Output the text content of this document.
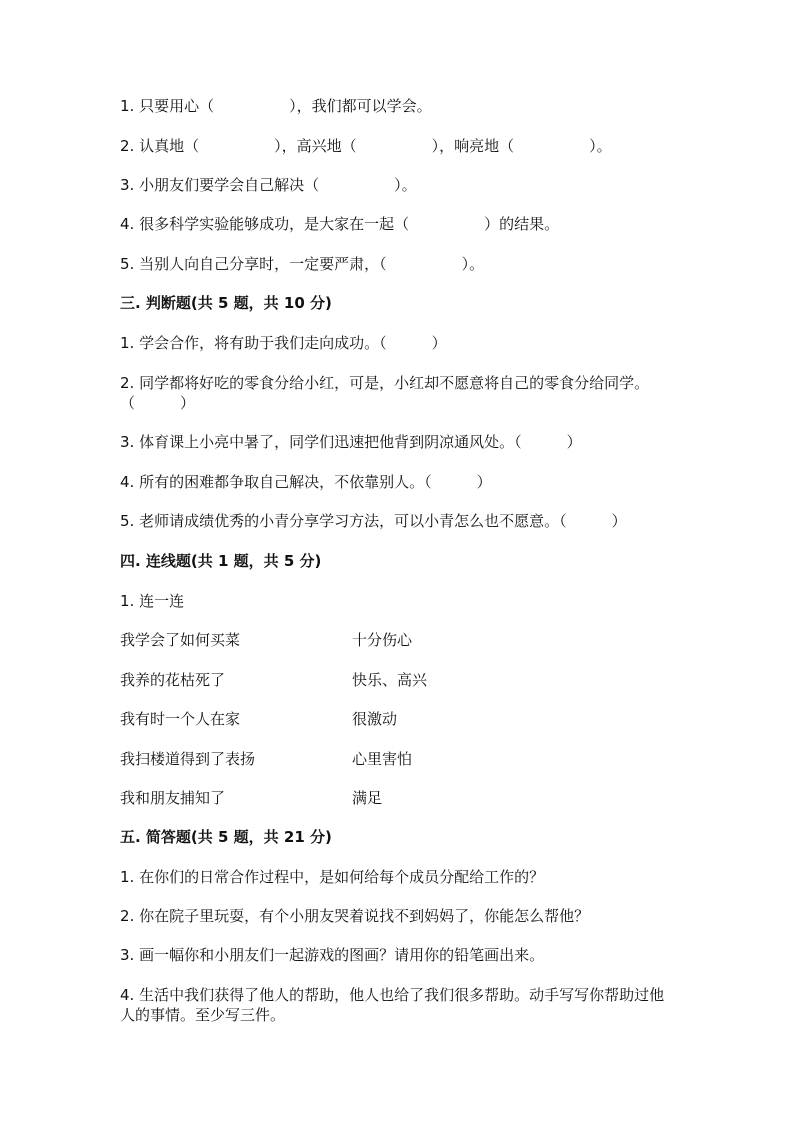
1. 只要用心（　　　　　），我们都可以学会。
2. 认真地（　　　　　），高兴地（　　　　　），响亮地（　　　　　）。
3. 小朋友们要学会自己解决（　　　　　）。
4. 很多科学实验能够成功，是大家在一起（　　　　　）的结果。
5. 当别人向自己分享时，一定要严肃，（　　　　　）。
三. 判断题(共 5 题，共 10 分)
1. 学会合作，将有助于我们走向成功。（　　　）
2. 同学都将好吃的零食分给小红，可是，小红却不愿意将自己的零食分给同学。（　　　）
3. 体育课上小亮中暑了，同学们迅速把他背到阴凉通风处。（　　　）
4. 所有的困难都争取自己解决，不依靠别人。（　　　）
5. 老师请成绩优秀的小青分享学习方法，可以小青怎么也不愿意。（　　　）
四. 连线题(共 1 题，共 5 分)
1. 连一连
我学会了如何买菜	十分伤心
我养的花枯死了	快乐、高兴
我有时一个人在家	很激动
我扫楼道得到了表扬	心里害怕
我和朋友捕知了	满足
五. 简答题(共 5 题，共 21 分)
1. 在你们的日常合作过程中，是如何给每个成员分配给工作的？
2. 你在院子里玩耍，有个小朋友哭着说找不到妈妈了，你能怎么帮他？
3. 画一幅你和小朋友们一起游戏的图画？请用你的铅笔画出来。
4. 生活中我们获得了他人的帮助，他人也给了我们很多帮助。动手写写你帮助过他人的事情。至少写三件。
